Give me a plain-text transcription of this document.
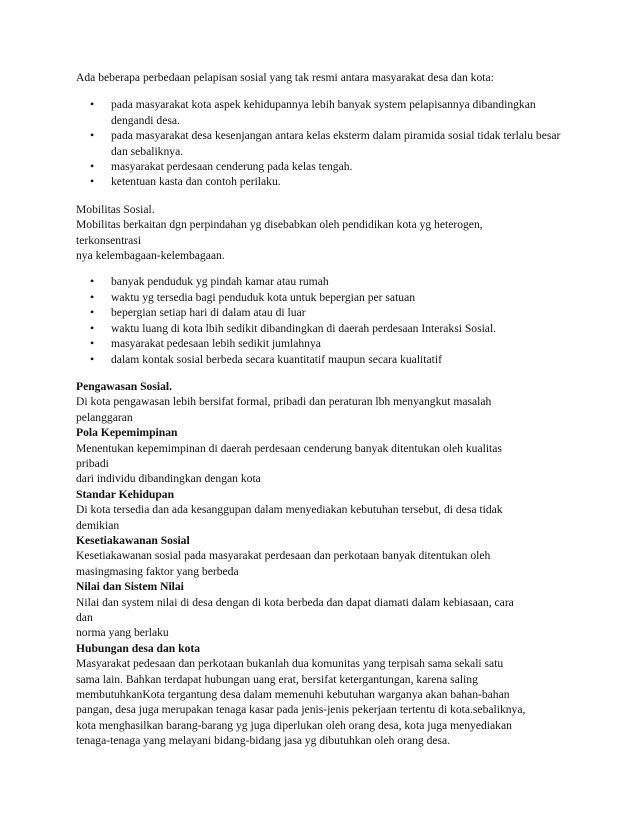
Ada beberapa perbedaan pelapisan sosial yang tak resmi antara masyarakat desa dan kota:

• pada masyarakat kota aspek kehidupannya lebih banyak system pelapisannya dibandingkan dengandi desa.
• pada masyarakat desa kesenjangan antara kelas eksterm dalam piramida sosial tidak terlalu besar dan sebaliknya.
• masyarakat perdesaan cenderung pada kelas tengah.
• ketentuan kasta dan contoh perilaku.

Mobilitas Sosial.

Mobilitas berkaitan dgn perpindahan yg disebabkan oleh pendidikan kota yg heterogen,

terkonsentrasi

nya kelembagaan-kelembagaan.

• banyak penduduk yg pindah kamar atau rumah
• waktu yg tersedia bagi penduduk kota untuk bepergian per satuan
• bepergian setiap hari di dalam atau di luar
• waktu luang di kota lbih sedikit dibandingkan di daerah perdesaan Interaksi Sosial.
• masyarakat pedesaan lebih sedikit jumlahnya
• dalam kontak sosial berbeda secara kuantitatif maupun secara kualitatif

Pengawasan Sosial.

Di kota pengawasan lebih bersifat formal, pribadi dan peraturan lbh menyangkut masalah

pelanggaran

Pola Kepemimpinan

Menentukan kepemimpinan di daerah perdesaan cenderung banyak ditentukan oleh kualitas

pribadi

dari individu dibandingkan dengan kota

Standar Kehidupan

Di kota tersedia dan ada kesanggupan dalam menyediakan kebutuhan tersebut, di desa tidak

demikian

Kesetiakawanan Sosial

Kesetiakawanan sosial pada masyarakat perdesaan dan perkotaan banyak ditentukan oleh

masingmasing faktor yang berbeda

Nilai dan Sistem Nilai

Nilai dan system nilai di desa dengan di kota berbeda dan dapat diamati dalam kebiasaan, cara

dan

norma yang berlaku

Hubungan desa dan kota

Masyarakat pedesaan dan perkotaan bukanlah dua komunitas yang terpisah sama sekali satu

sama lain. Bahkan terdapat hubungan uang erat, bersifat ketergantungan, karena saling

membutuhkanKota tergantung desa dalam memenuhi kebutuhan warganya akan bahan-bahan

pangan, desa juga merupakan tenaga kasar pada jenis-jenis pekerjaan tertentu di kota.sebaliknya,

kota menghasilkan barang-barang yg juga diperlukan oleh orang desa, kota juga menyediakan

tenaga-tenaga yang melayani bidang-bidang jasa yg dibutuhkan oleh orang desa.
